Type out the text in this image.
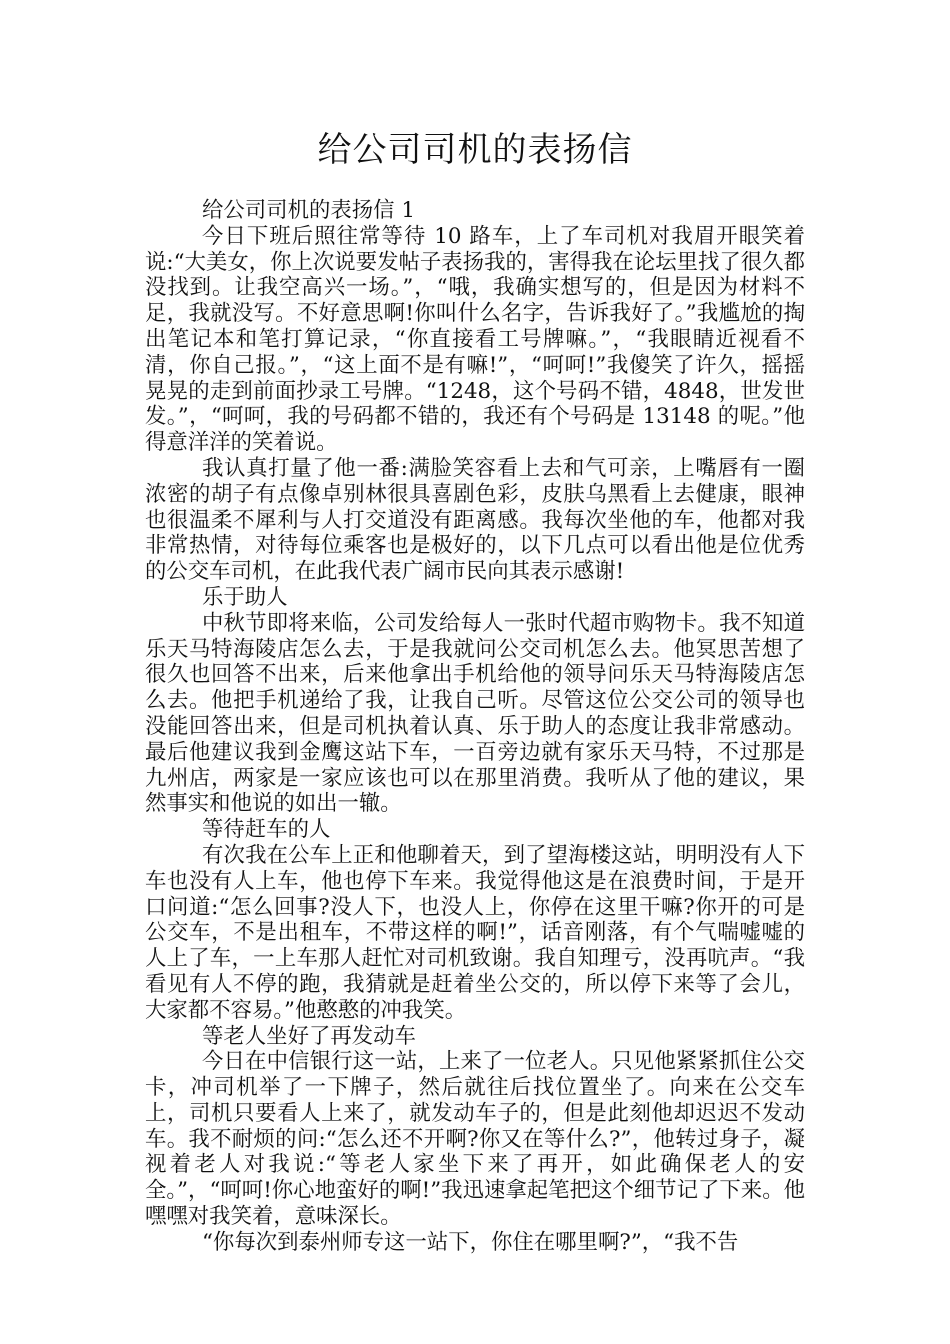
给公司司机的表扬信

给公司司机的表扬信 1

今日下班后照往常等待 10 路车，上了车司机对我眉开眼笑着说:“大美女，你上次说要发帖子表扬我的，害得我在论坛里找了很久都没找到。让我空高兴一场。”，“哦，我确实想写的，但是因为材料不足，我就没写。不好意思啊!你叫什么名字，告诉我好了。”我尴尬的掏出笔记本和笔打算记录，“你直接看工号牌嘛。”，“我眼睛近视看不清，你自己报。”，“这上面不是有嘛!”，“呵呵!”我傻笑了许久，摇摇晃晃的走到前面抄录工号牌。“1248，这个号码不错，4848，世发世发。”，“呵呵，我的号码都不错的，我还有个号码是 13148 的呢。”他得意洋洋的笑着说。

我认真打量了他一番:满脸笑容看上去和气可亲，上嘴唇有一圈浓密的胡子有点像卓别林很具喜剧色彩，皮肤乌黑看上去健康，眼神也很温柔不犀利与人打交道没有距离感。我每次坐他的车，他都对我非常热情，对待每位乘客也是极好的，以下几点可以看出他是位优秀的公交车司机，在此我代表广阔市民向其表示感谢!

乐于助人

中秋节即将来临，公司发给每人一张时代超市购物卡。我不知道乐天马特海陵店怎么去，于是我就问公交司机怎么去。他冥思苦想了很久也回答不出来，后来他拿出手机给他的领导问乐天马特海陵店怎么去。他把手机递给了我，让我自己听。尽管这位公交公司的领导也没能回答出来，但是司机执着认真、乐于助人的态度让我非常感动。最后他建议我到金鹰这站下车，一百旁边就有家乐天马特，不过那是九州店，两家是一家应该也可以在那里消费。我听从了他的建议，果然事实和他说的如出一辙。

等待赶车的人

有次我在公车上正和他聊着天，到了望海楼这站，明明没有人下车也没有人上车，他也停下车来。我觉得他这是在浪费时间，于是开口问道:“怎么回事?没人下，也没人上，你停在这里干嘛?你开的可是公交车，不是出租车，不带这样的啊!”，话音刚落，有个气喘嘘嘘的人上了车，一上车那人赶忙对司机致谢。我自知理亏，没再吭声。“我看见有人不停的跑，我猜就是赶着坐公交的，所以停下来等了会儿，大家都不容易。”他憨憨的冲我笑。

等老人坐好了再发动车

今日在中信银行这一站，上来了一位老人。只见他紧紧抓住公交卡，冲司机举了一下牌子，然后就往后找位置坐了。向来在公交车上，司机只要看人上来了，就发动车子的，但是此刻他却迟迟不发动车。我不耐烦的问:“怎么还不开啊?你又在等什么?”，他转过身子，凝视着老人对我说:“等老人家坐下来了再开，如此确保老人的安全。”，“呵呵!你心地蛮好的啊!”我迅速拿起笔把这个细节记了下来。他嘿嘿对我笑着，意味深长。

“你每次到泰州师专这一站下，你住在哪里啊?”，“我不告
